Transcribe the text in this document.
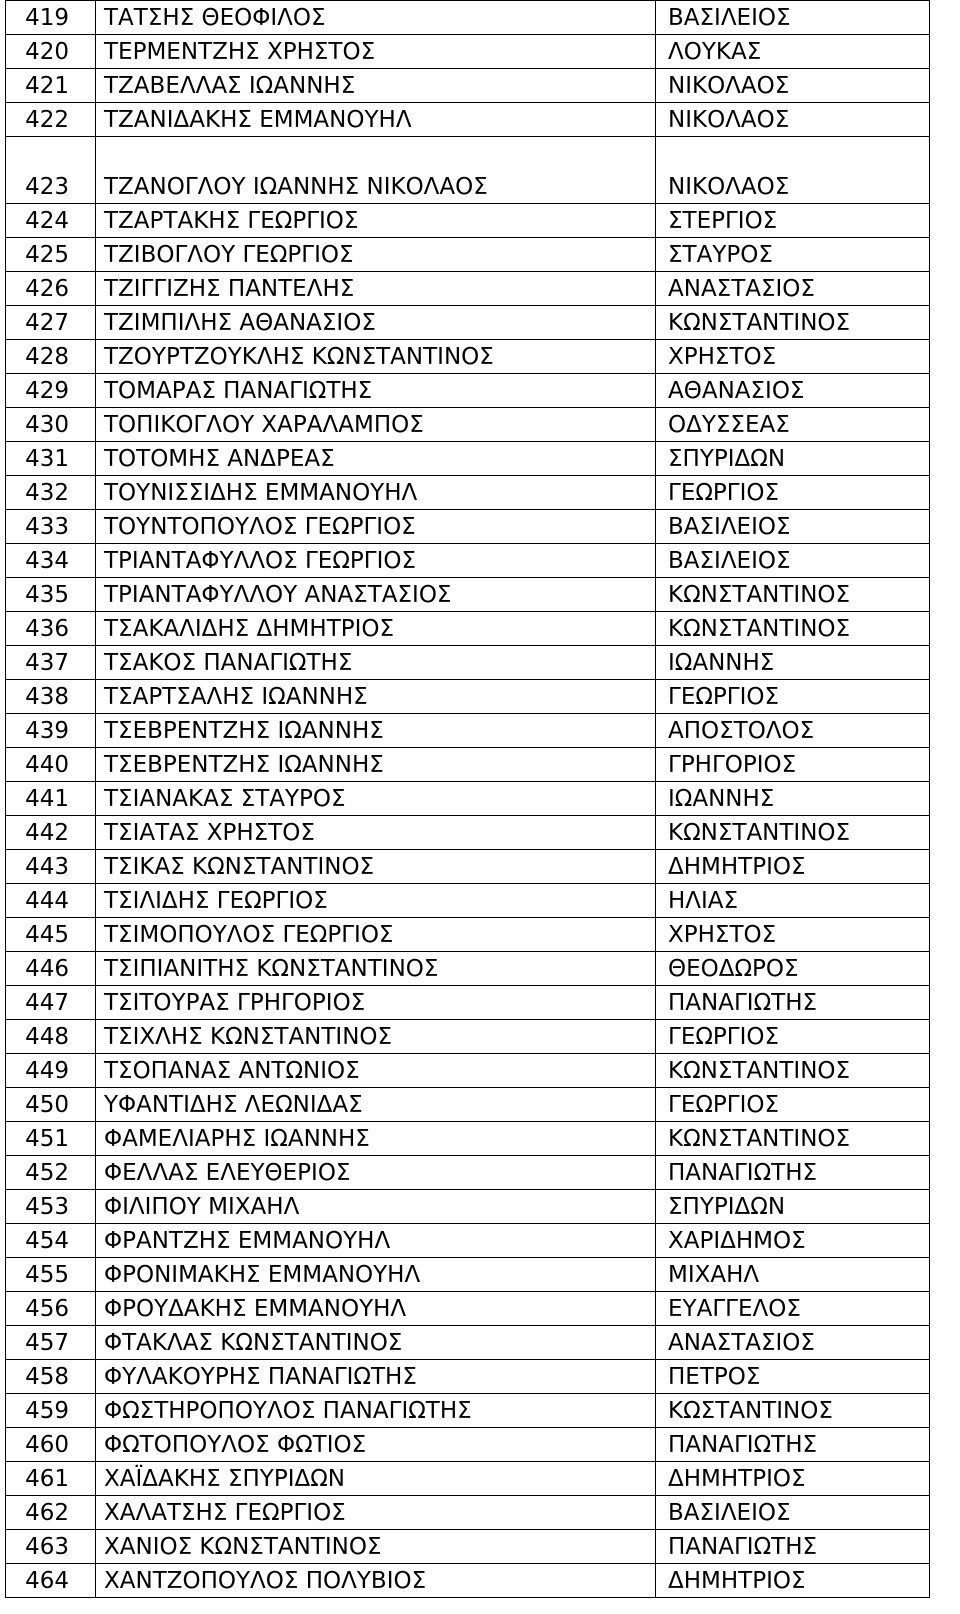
419	ΤΑΤΣΗΣ ΘΕΟΦΙΛΟΣ	ΒΑΣΙΛΕΙΟΣ
420	ΤΕΡΜΕΝΤΖΗΣ ΧΡΗΣΤΟΣ	ΛΟΥΚΑΣ
421	ΤΖΑΒΕΛΛΑΣ ΙΩΑΝΝΗΣ	ΝΙΚΟΛΑΟΣ
422	ΤΖΑΝΙΔΑΚΗΣ ΕΜΜΑΝΟΥΗΛ	ΝΙΚΟΛΑΟΣ
423	ΤΖΑΝΟΓΛΟΥ ΙΩΑΝΝΗΣ ΝΙΚΟΛΑΟΣ	ΝΙΚΟΛΑΟΣ
424	ΤΖΑΡΤΑΚΗΣ ΓΕΩΡΓΙΟΣ	ΣΤΕΡΓΙΟΣ
425	ΤΖΙΒΟΓΛΟΥ ΓΕΩΡΓΙΟΣ	ΣΤΑΥΡΟΣ
426	ΤΖΙΓΓΙΖΗΣ ΠΑΝΤΕΛΗΣ	ΑΝΑΣΤΑΣΙΟΣ
427	ΤΖΙΜΠΙΛΗΣ ΑΘΑΝΑΣΙΟΣ	ΚΩΝΣΤΑΝΤΙΝΟΣ
428	ΤΖΟΥΡΤΖΟΥΚΛΗΣ ΚΩΝΣΤΑΝΤΙΝΟΣ	ΧΡΗΣΤΟΣ
429	ΤΟΜΑΡΑΣ ΠΑΝΑΓΙΩΤΗΣ	ΑΘΑΝΑΣΙΟΣ
430	ΤΟΠΙΚΟΓΛΟΥ ΧΑΡΑΛΑΜΠΟΣ	ΟΔΥΣΣΕΑΣ
431	ΤΟΤΟΜΗΣ ΑΝΔΡΕΑΣ	ΣΠΥΡΙΔΩΝ
432	ΤΟΥΝΙΣΣΙΔΗΣ ΕΜΜΑΝΟΥΗΛ	ΓΕΩΡΓΙΟΣ
433	ΤΟΥΝΤΟΠΟΥΛΟΣ ΓΕΩΡΓΙΟΣ	ΒΑΣΙΛΕΙΟΣ
434	ΤΡΙΑΝΤΑΦΥΛΛΟΣ ΓΕΩΡΓΙΟΣ	ΒΑΣΙΛΕΙΟΣ
435	ΤΡΙΑΝΤΑΦΥΛΛΟΥ ΑΝΑΣΤΑΣΙΟΣ	ΚΩΝΣΤΑΝΤΙΝΟΣ
436	ΤΣΑΚΑΛΙΔΗΣ ΔΗΜΗΤΡΙΟΣ	ΚΩΝΣΤΑΝΤΙΝΟΣ
437	ΤΣΑΚΟΣ ΠΑΝΑΓΙΩΤΗΣ	ΙΩΑΝΝΗΣ
438	ΤΣΑΡΤΣΑΛΗΣ ΙΩΑΝΝΗΣ	ΓΕΩΡΓΙΟΣ
439	ΤΣΕΒΡΕΝΤΖΗΣ ΙΩΑΝΝΗΣ	ΑΠΟΣΤΟΛΟΣ
440	ΤΣΕΒΡΕΝΤΖΗΣ ΙΩΑΝΝΗΣ	ΓΡΗΓΟΡΙΟΣ
441	ΤΣΙΑΝΑΚΑΣ ΣΤΑΥΡΟΣ	ΙΩΑΝΝΗΣ
442	ΤΣΙΑΤΑΣ ΧΡΗΣΤΟΣ	ΚΩΝΣΤΑΝΤΙΝΟΣ
443	ΤΣΙΚΑΣ ΚΩΝΣΤΑΝΤΙΝΟΣ	ΔΗΜΗΤΡΙΟΣ
444	ΤΣΙΛΙΔΗΣ ΓΕΩΡΓΙΟΣ	ΗΛΙΑΣ
445	ΤΣΙΜΟΠΟΥΛΟΣ ΓΕΩΡΓΙΟΣ	ΧΡΗΣΤΟΣ
446	ΤΣΙΠΙΑΝΙΤΗΣ ΚΩΝΣΤΑΝΤΙΝΟΣ	ΘΕΟΔΩΡΟΣ
447	ΤΣΙΤΟΥΡΑΣ ΓΡΗΓΟΡΙΟΣ	ΠΑΝΑΓΙΩΤΗΣ
448	ΤΣΙΧΛΗΣ ΚΩΝΣΤΑΝΤΙΝΟΣ	ΓΕΩΡΓΙΟΣ
449	ΤΣΟΠΑΝΑΣ ΑΝΤΩΝΙΟΣ	ΚΩΝΣΤΑΝΤΙΝΟΣ
450	ΥΦΑΝΤΙΔΗΣ ΛΕΩΝΙΔΑΣ	ΓΕΩΡΓΙΟΣ
451	ΦΑΜΕΛΙΑΡΗΣ ΙΩΑΝΝΗΣ	ΚΩΝΣΤΑΝΤΙΝΟΣ
452	ΦΕΛΛΑΣ ΕΛΕΥΘΕΡΙΟΣ	ΠΑΝΑΓΙΩΤΗΣ
453	ΦΙΛΙΠΟΥ ΜΙΧΑΗΛ	ΣΠΥΡΙΔΩΝ
454	ΦΡΑΝΤΖΗΣ ΕΜΜΑΝΟΥΗΛ	ΧΑΡΙΔΗΜΟΣ
455	ΦΡΟΝΙΜΑΚΗΣ ΕΜΜΑΝΟΥΗΛ	ΜΙΧΑΗΛ
456	ΦΡΟΥΔΑΚΗΣ ΕΜΜΑΝΟΥΗΛ	ΕΥΑΓΓΕΛΟΣ
457	ΦΤΑΚΛΑΣ ΚΩΝΣΤΑΝΤΙΝΟΣ	ΑΝΑΣΤΑΣΙΟΣ
458	ΦΥΛΑΚΟΥΡΗΣ ΠΑΝΑΓΙΩΤΗΣ	ΠΕΤΡΟΣ
459	ΦΩΣΤΗΡΟΠΟΥΛΟΣ ΠΑΝΑΓΙΩΤΗΣ	ΚΩΣΤΑΝΤΙΝΟΣ
460	ΦΩΤΟΠΟΥΛΟΣ ΦΩΤΙΟΣ	ΠΑΝΑΓΙΩΤΗΣ
461	ΧΑΪΔΑΚΗΣ ΣΠΥΡΙΔΩΝ	ΔΗΜΗΤΡΙΟΣ
462	ΧΑΛΑΤΣΗΣ ΓΕΩΡΓΙΟΣ	ΒΑΣΙΛΕΙΟΣ
463	ΧΑΝΙΟΣ ΚΩΝΣΤΑΝΤΙΝΟΣ	ΠΑΝΑΓΙΩΤΗΣ
464	ΧΑΝΤΖΟΠΟΥΛΟΣ ΠΟΛΥΒΙΟΣ	ΔΗΜΗΤΡΙΟΣ
